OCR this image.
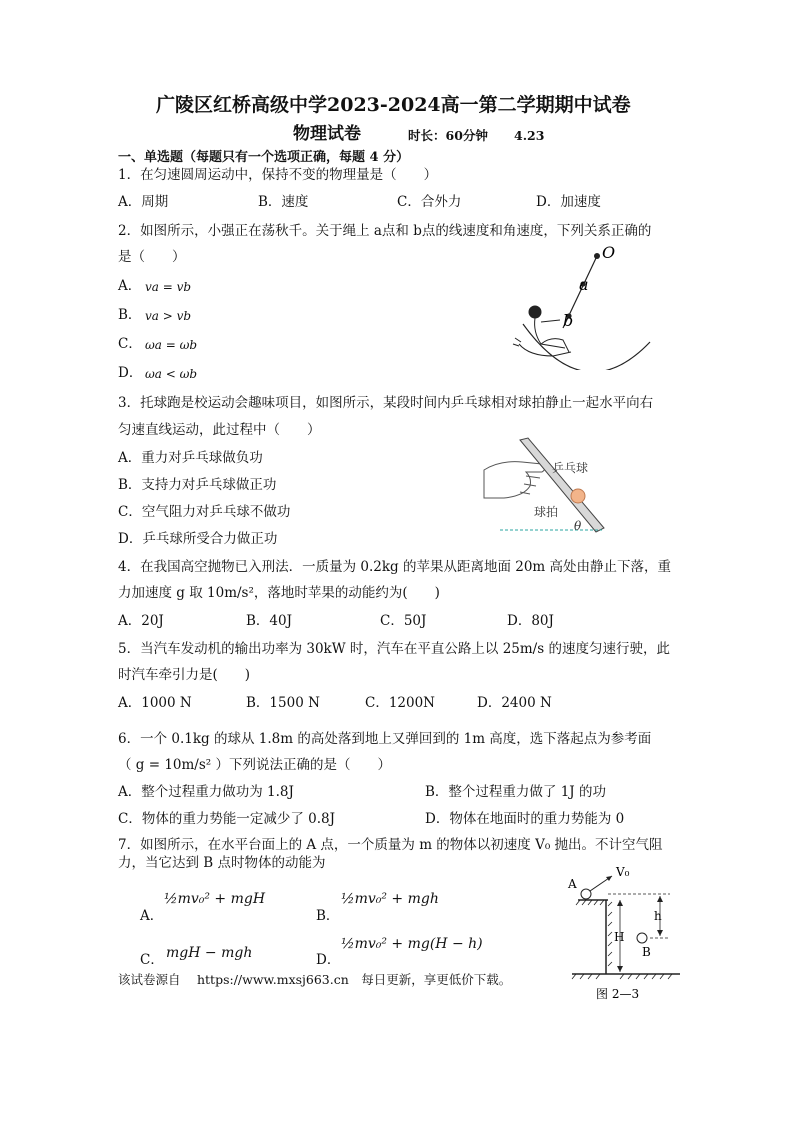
广陵区红桥高级中学2023-2024高一第二学期期中试卷
物理试卷	时长：60分钟 4.23
一、单选题（每题只有一个选项正确，每题 4 分）
1．在匀速圆周运动中，保持不变的物理量是（　　）
A．周期	B．速度	C．合外力	D．加速度
2．如图所示，小强正在荡秋千。关于绳上 a点和 b点的线速度和角速度，下列关系正确的
是（　　）
A． va = vb
B． va > vb
C． ωa = ωb
D． ωa < ωb
O
a
b
3．托球跑是校运动会趣味项目，如图所示，某段时间内乒乓球相对球拍静止一起水平向右
匀速直线运动，此过程中（　　）
A．重力对乒乓球做负功
B．支持力对乒乓球做正功
C．空气阻力对乒乓球不做功
D．乒乓球所受合力做正功
乒乓球
球拍
θ
4．在我国高空抛物已入刑法．一质量为 0.2kg 的苹果从距离地面 20m 高处由静止下落，重
力加速度 g 取 10m/s²，落地时苹果的动能约为(　　)
A．20J	B．40J	C．50J	D．80J
5．当汽车发动机的输出功率为 30kW 时，汽车在平直公路上以 25m/s 的速度匀速行驶，此
时汽车牵引力是(　　)
A．1000 N	B．1500 N	C．1200N	D．2400 N
6．一个 0.1kg 的球从 1.8m 的高处落到地上又弹回到的 1m 高度，选下落起点为参考面
（ g = 10m/s² ）下列说法正确的是（　　）
A．整个过程重力做功为 1.8J	B．整个过程重力做了 1J 的功
C．物体的重力势能一定减少了 0.8J	D．物体在地面时的重力势能为 0
7．如图所示，在水平台面上的 A 点，一个质量为 m 的物体以初速度 V₀ 抛出。不计空气阻
力，当它达到 B 点时物体的动能为
A．
½mv₀² + mgH
B．
½mv₀² + mgh
C． mgH − mgh	D．
½mv₀² + mg(H − h)
A
V₀
H
h
B
图 2—3
该试卷源自　 https://www.mxsj663.cn　每日更新，享更低价下载。
